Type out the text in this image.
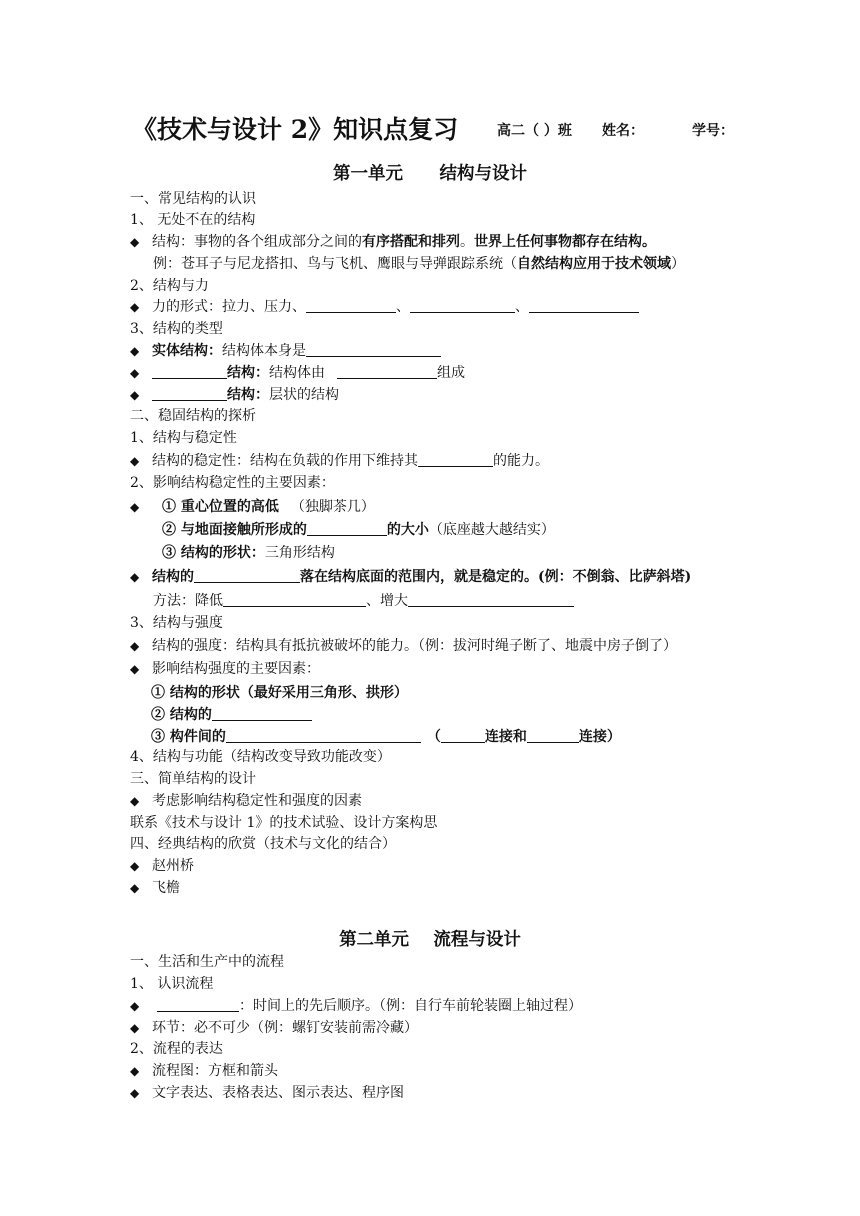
《技术与设计 2》知识点复习	高二（ ）班 姓名：	学号：
第一单元      结构与设计
一、常见结构的认识
1、 无处不在的结构
◆ 结构：事物的各个组成部分之间的有序搭配和排列。世界上任何事物都存在结构。
例：苍耳子与尼龙搭扣、鸟与飞机、鹰眼与导弹跟踪系统（自然结构应用于技术领域）
2、结构与力
◆ 力的形式：拉力、压力、	、	、
3、结构的类型
◆ 实体结构：结构体本身是
◆	结构：结构体由	组成
◆	结构：层状的结构
二、稳固结构的探析
1、结构与稳定性
◆ 结构的稳定性：结构在负载的作用下维持其	的能力。
2、影响结构稳定性的主要因素：
◆ ① 重心位置的高低 （独脚茶几）
② 与地面接触所形成的	的大小（底座越大越结实）
③ 结构的形状：三角形结构
◆ 结构的	落在结构底面的范围内，就是稳定的。(例：不倒翁、比萨斜塔)
方法：降低	、增大
3、结构与强度
◆ 结构的强度：结构具有抵抗被破坏的能力。（例：拔河时绳子断了、地震中房子倒了）
◆ 影响结构强度的主要因素：
① 结构的形状（最好采用三角形、拱形）
② 结构的
③ 构件间的	（	连接和	连接）
4、结构与功能（结构改变导致功能改变）
三、简单结构的设计
◆ 考虑影响结构稳定性和强度的因素
联系《技术与设计 1》的技术试验、设计方案构思
四、经典结构的欣赏（技术与文化的结合）
◆ 赵州桥
◆ 飞檐
第二单元    流程与设计
一、生活和生产中的流程
1、 认识流程
◆	：时间上的先后顺序。（例：自行车前轮装圈上轴过程）
◆ 环节：必不可少（例：螺钉安装前需冷藏）
2、流程的表达
◆ 流程图：方框和箭头
◆ 文字表达、表格表达、图示表达、程序图
